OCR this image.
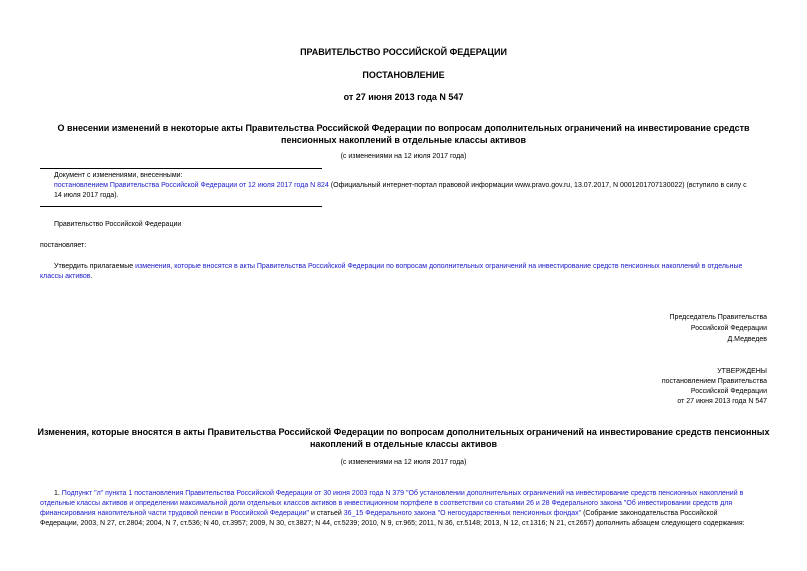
ПРАВИТЕЛЬСТВО РОССИЙСКОЙ ФЕДЕРАЦИИ
ПОСТАНОВЛЕНИЕ
от 27 июня 2013 года N 547
О внесении изменений в некоторые акты Правительства Российской Федерации по вопросам дополнительных ограничений на инвестирование средств
пенсионных накоплений в отдельные классы активов
(с изменениями на 12 июля 2017 года)
Документ с изменениями, внесенными:
постановлением Правительства Российской Федерации от 12 июля 2017 года N 824 (Официальный интернет-портал правовой информации www.pravo.gov.ru, 13.07.2017, N 0001201707130022) (вступило в силу с
14 июля 2017 года).
Правительство Российской Федерации
постановляет:
Утвердить прилагаемые изменения, которые вносятся в акты Правительства Российской Федерации по вопросам дополнительных ограничений на инвестирование средств пенсионных накоплений в отдельные
классы активов.
Председатель Правительства
Российской Федерации
Д.Медведев
УТВЕРЖДЕНЫ
постановлением Правительства
Российской Федерации
от 27 июня 2013 года N 547
Изменения, которые вносятся в акты Правительства Российской Федерации по вопросам дополнительных ограничений на инвестирование средств пенсионных
накоплений в отдельные классы активов
(с изменениями на 12 июля 2017 года)
1. Подпункт "л" пункта 1 постановления Правительства Российской Федерации от 30 июня 2003 года N 379 "Об установлении дополнительных ограничений на инвестирование средств пенсионных накоплений в
отдельные классы активов и определении максимальной доли отдельных классов активов в инвестиционном портфеле в соответствии со статьями 26 и 28 Федерального закона "Об инвестировании средств для
финансирования накопительной части трудовой пенсии в Российской Федерации" и статьей 36_15 Федерального закона "О негосударственных пенсионных фондах" (Собрание законодательства Российской
Федерации, 2003, N 27, ст.2804; 2004, N 7, ст.536; N 40, ст.3957; 2009, N 30, ст.3827; N 44, ст.5239; 2010, N 9, ст.965; 2011, N 36, ст.5148; 2013, N 12, ст.1316; N 21, ст.2657) дополнить абзацем следующего содержания:
